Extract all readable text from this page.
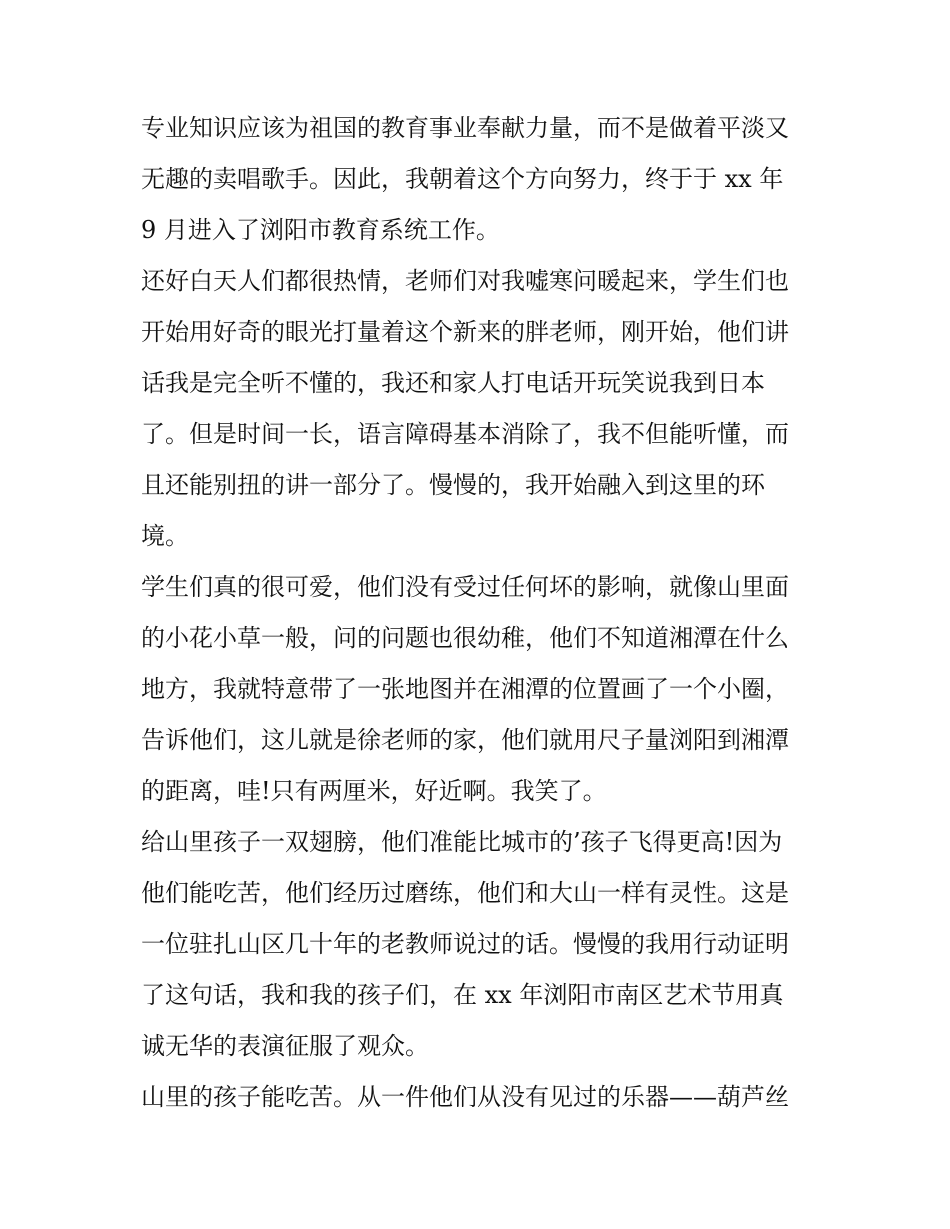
专业知识应该为祖国的教育事业奉献力量，而不是做着平淡又
无趣的卖唱歌手。因此，我朝着这个方向努力，终于于 xx 年
9 月进入了浏阳市教育系统工作。
还好白天人们都很热情，老师们对我嘘寒问暖起来，学生们也
开始用好奇的眼光打量着这个新来的胖老师，刚开始，他们讲
话我是完全听不懂的，我还和家人打电话开玩笑说我到日本
了。但是时间一长，语言障碍基本消除了，我不但能听懂，而
且还能别扭的讲一部分了。慢慢的，我开始融入到这里的环
境。
学生们真的很可爱，他们没有受过任何坏的影响，就像山里面
的小花小草一般，问的问题也很幼稚，他们不知道湘潭在什么
地方，我就特意带了一张地图并在湘潭的位置画了一个小圈，
告诉他们，这儿就是徐老师的家，他们就用尺子量浏阳到湘潭
的距离，哇!只有两厘米，好近啊。我笑了。
给山里孩子一双翅膀，他们准能比城市的’孩子飞得更高!因为
他们能吃苦，他们经历过磨练，他们和大山一样有灵性。这是
一位驻扎山区几十年的老教师说过的话。慢慢的我用行动证明
了这句话，我和我的孩子们，在 xx 年浏阳市南区艺术节用真
诚无华的表演征服了观众。
山里的孩子能吃苦。从一件他们从没有见过的乐器——葫芦丝
